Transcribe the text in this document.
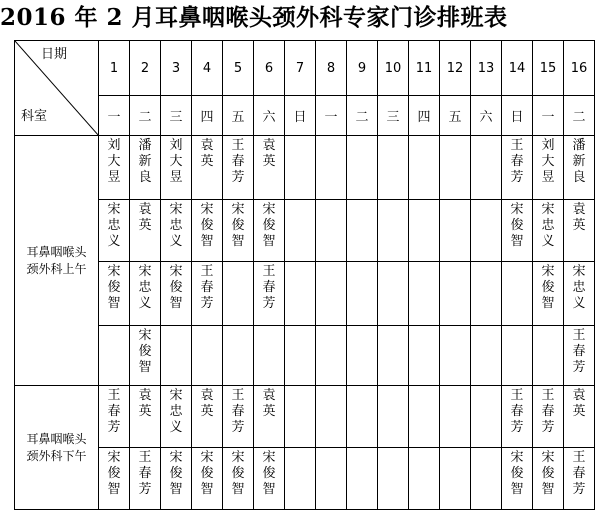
2016 年 2 月耳鼻咽喉头颈外科专家门诊排班表
日期
科室	1	2	3	4	5	6	7	8	9	10	11	12	13	14	15	16
	一	二	三	四	五	六	日	一	二	三	四	五	六	日	一	二
耳鼻咽喉头颈外科上午	刘大昱	潘新良	刘大昱	袁英	王春芳	袁英								王春芳	刘大昱	潘新良
	宋忠义	袁英	宋忠义	宋俊智	宋俊智	宋俊智								宋俊智	宋忠义	袁英
	宋俊智	宋忠义	宋俊智	王春芳		王春芳									宋俊智	宋忠义
		宋俊智														王春芳
耳鼻咽喉头颈外科下午	王春芳	袁英	宋忠义	袁英	王春芳	袁英								王春芳	王春芳	袁英
	宋俊智	王春芳	宋俊智	宋俊智	宋俊智	宋俊智								宋俊智	宋俊智	王春芳
